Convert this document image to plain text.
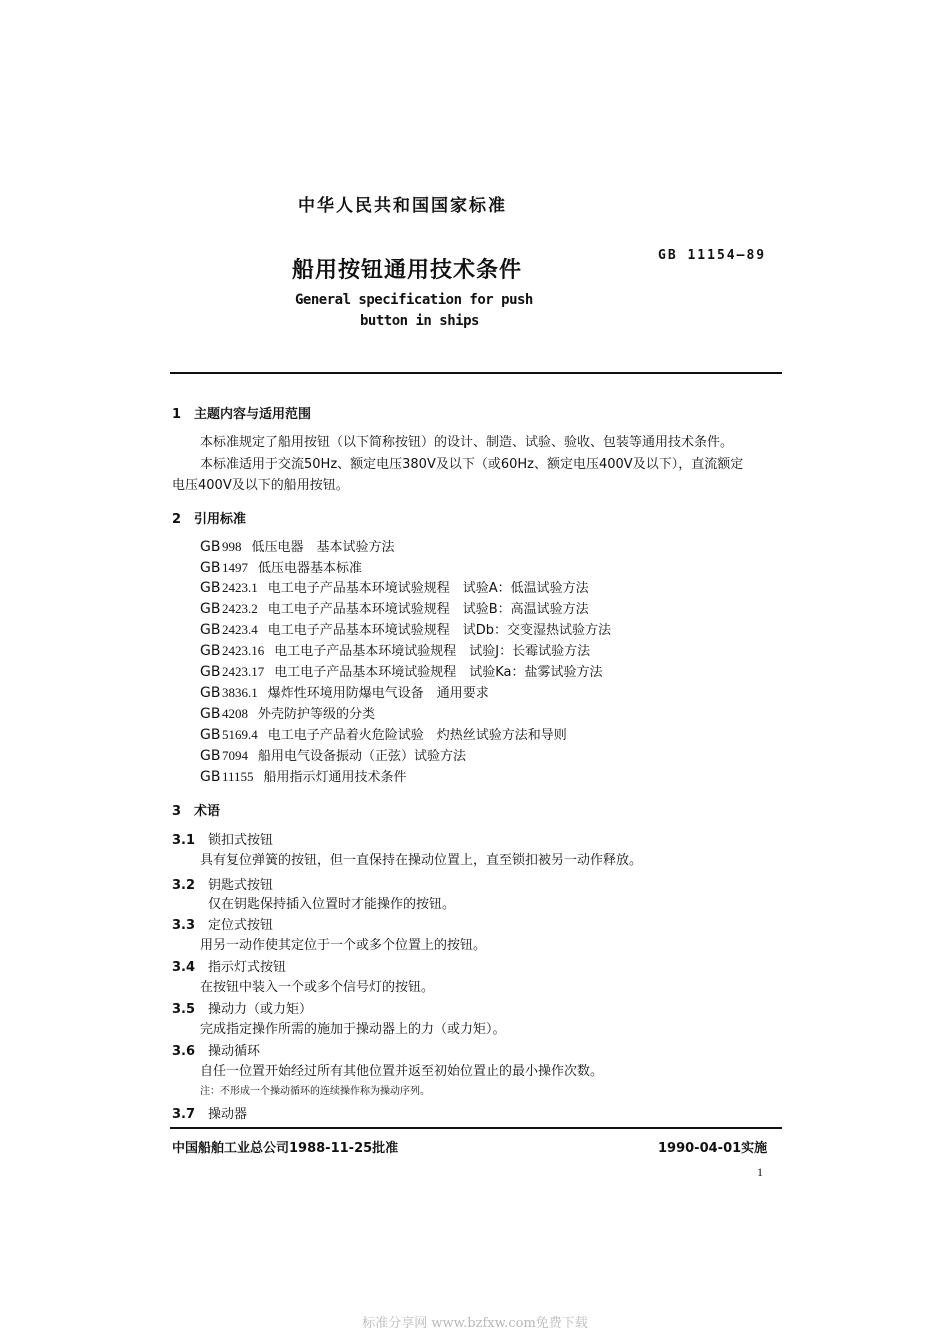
中华人民共和国国家标准
船用按钮通用技术条件
GB 11154—89
General specification for push
button in ships
1 主题内容与适用范围
本标准规定了船用按钮（以下简称按钮）的设计、制造、试验、验收、包装等通用技术条件。
本标准适用于交流50Hz、额定电压380V及以下（或60Hz、额定电压400V及以下），直流额定
电压400V及以下的船用按钮。
2 引用标准
GB 998 低压电器　基本试验方法
GB 1497 低压电器基本标准
GB 2423.1 电工电子产品基本环境试验规程　试验A：低温试验方法
GB 2423.2 电工电子产品基本环境试验规程　试验B：高温试验方法
GB 2423.4 电工电子产品基本环境试验规程　试Db：交变湿热试验方法
GB 2423.16 电工电子产品基本环境试验规程　试验J：长霉试验方法
GB 2423.17 电工电子产品基本环境试验规程　试验Ka：盐雾试验方法
GB 3836.1 爆炸性环境用防爆电气设备　通用要求
GB 4208 外壳防护等级的分类
GB 5169.4 电工电子产品着火危险试验　灼热丝试验方法和导则
GB 7094 船用电气设备振动（正弦）试验方法
GB 11155 船用指示灯通用技术条件
3 术语
3.1 锁扣式按钮
具有复位弹簧的按钮，但一直保持在操动位置上，直至锁扣被另一动作释放。
3.2 钥匙式按钮
仅在钥匙保持插入位置时才能操作的按钮。
3.3 定位式按钮
用另一动作使其定位于一个或多个位置上的按钮。
3.4 指示灯式按钮
在按钮中装入一个或多个信号灯的按钮。
3.5 操动力（或力矩）
完成指定操作所需的施加于操动器上的力（或力矩）。
3.6 操动循环
自任一位置开始经过所有其他位置并返至初始位置止的最小操作次数。
注：不形成一个操动循环的连续操作称为操动序列。
3.7 操动器
中国船舶工业总公司1988-11-25批准	1990-04-01实施
1
标准分享网 www.bzfxw.com免费下载
